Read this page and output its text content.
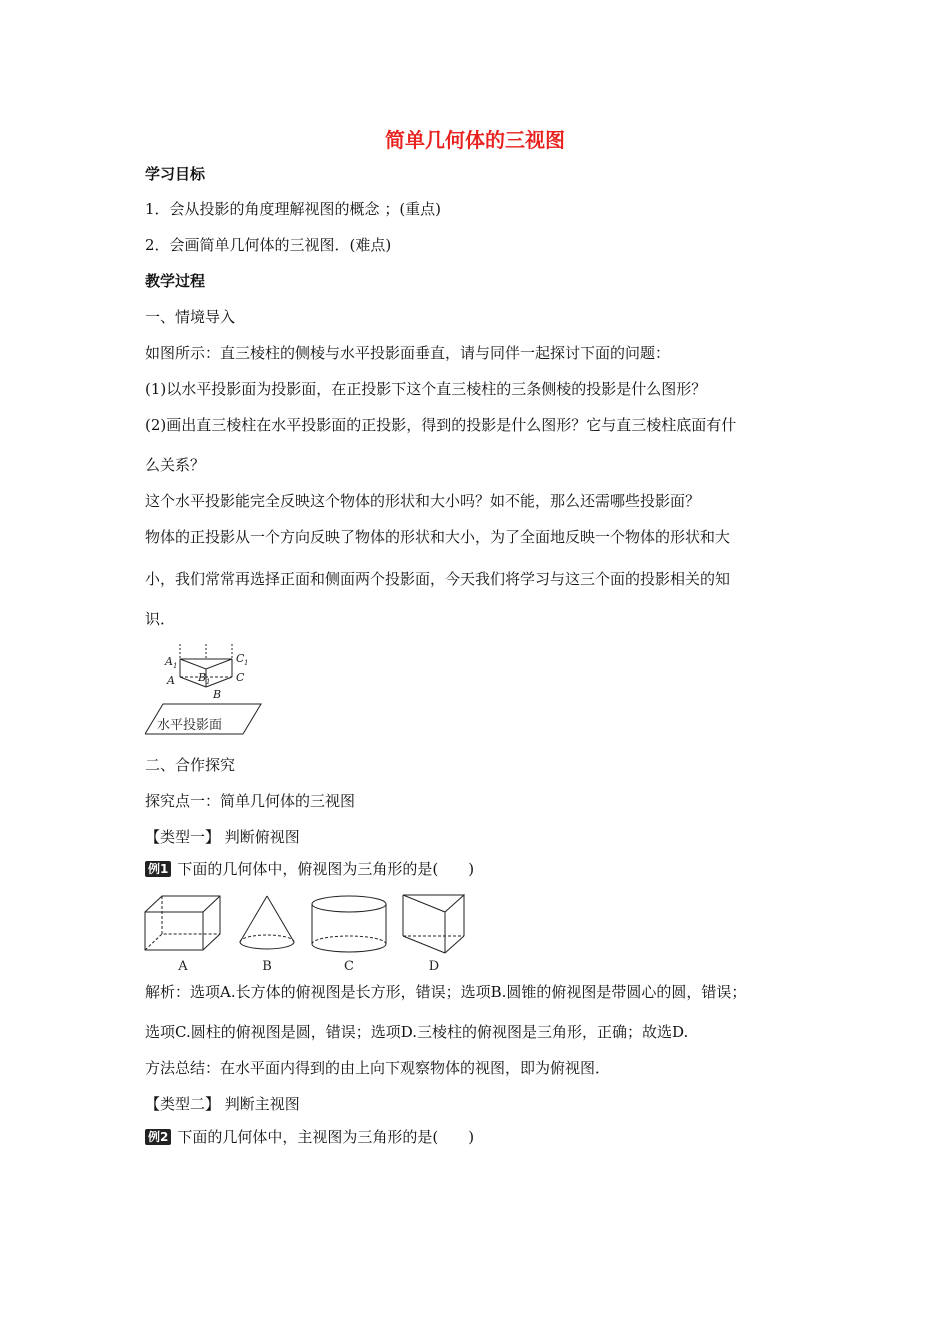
简单几何体的三视图
学习目标
1．会从投影的角度理解视图的概念 ；(重点)
2．会画简单几何体的三视图．(难点)
教学过程
一、情境导入
如图所示：直三棱柱的侧棱与水平投影面垂直，请与同伴一起探讨下面的问题：
(1)以水平投影面为投影面，在正投影下这个直三棱柱的三条侧棱的投影是什么图形？
(2)画出直三棱柱在水平投影面的正投影，得到的投影是什么图形？它与直三棱柱底面有什
么关系？
这个水平投影能完全反映这个物体的形状和大小吗？如不能，那么还需哪些投影面？
物体的正投影从一个方向反映了物体的形状和大小，为了全面地反映一个物体的形状和大
小，我们常常再选择正面和侧面两个投影面，今天我们将学习与这三个面的投影相关的知
识．
A 1
C 1
A B 1 C
B
水平投影面
二、合作探究
探究点一：简单几何体的三视图
【类型一】 判断俯视图
例1 下面的几何体中，俯视图为三角形的是(　　)
A	B	C	D
解析：选项A.长方体的俯视图是长方形，错误；选项B.圆锥的俯视图是带圆心的圆，错误；
选项C.圆柱的俯视图是圆，错误；选项D.三棱柱的俯视图是三角形，正确；故选D.
方法总结：在水平面内得到的由上向下观察物体的视图，即为俯视图．
【类型二】 判断主视图
例2 下面的几何体中，主视图为三角形的是(　　)
